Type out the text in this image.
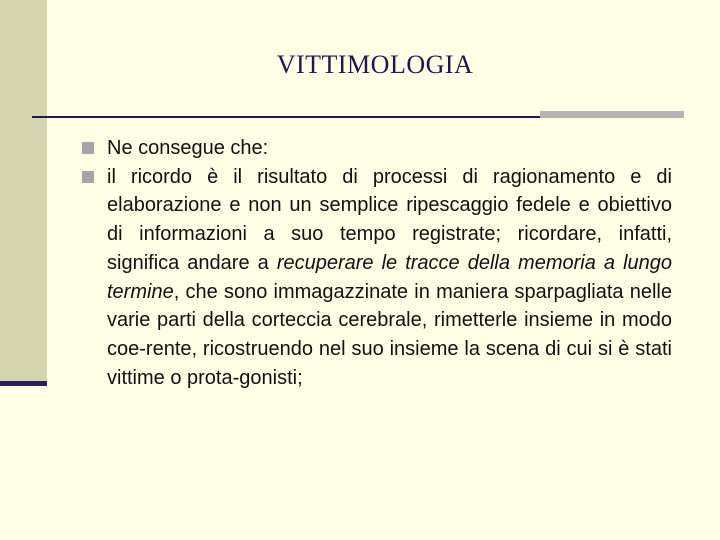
VITTIMOLOGIA
Ne consegue che:
il ricordo è il risultato di processi di ragionamento e di elaborazione e non un semplice ripescaggio fedele e obiettivo di informazioni a suo tempo registrate; ricordare, infatti, significa andare a recuperare le tracce della memoria a lungo termine, che sono immagazzinate in maniera sparpagliata nelle varie parti della corteccia cerebrale, rimetterle insieme in modo coe-rente, ricostruendo nel suo insieme la scena di cui si è stati vittime o prota-gonisti;
